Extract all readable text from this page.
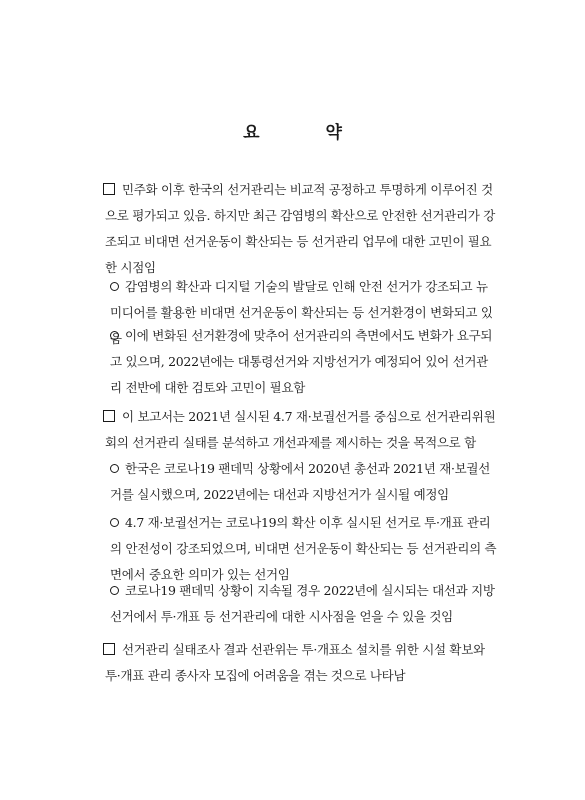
요 약
민주화 이후 한국의 선거관리는 비교적 공정하고 투명하게 이루어진 것으로 평가되고 있음. 하지만 최근 감염병의 확산으로 안전한 선거관리가 강조되고 비대면 선거운동이 확산되는 등 선거관리 업무에 대한 고민이 필요한 시점임
감염병의 확산과 디지털 기술의 발달로 인해 안전 선거가 강조되고 뉴미디어를 활용한 비대면 선거운동이 확산되는 등 선거환경이 변화되고 있음 이에 변화된 선거환경에 맞추어 선거관리의 측면에서도 변화가 요구되고 있으며, 2022년에는 대통령선거와 지방선거가 예정되어 있어 선거관리 전반에 대한 검토와 고민이 필요함
이 보고서는 2021년 실시된 4.7 재·보궐선거를 중심으로 선거관리위원회의 선거관리 실태를 분석하고 개선과제를 제시하는 것을 목적으로 함
한국은 코로나19 팬데믹 상황에서 2020년 총선과 2021년 재·보궐선거를 실시했으며, 2022년에는 대선과 지방선거가 실시될 예정임
4.7 재·보궐선거는 코로나19의 확산 이후 실시된 선거로 투·개표 관리의 안전성이 강조되었으며, 비대면 선거운동이 확산되는 등 선거관리의 측면에서 중요한 의미가 있는 선거임
코로나19 팬데믹 상황이 지속될 경우 2022년에 실시되는 대선과 지방선거에서 투·개표 등 선거관리에 대한 시사점을 얻을 수 있을 것임
선거관리 실태조사 결과 선관위는 투·개표소 설치를 위한 시설 확보와 투·개표 관리 종사자 모집에 어려움을 겪는 것으로 나타남
